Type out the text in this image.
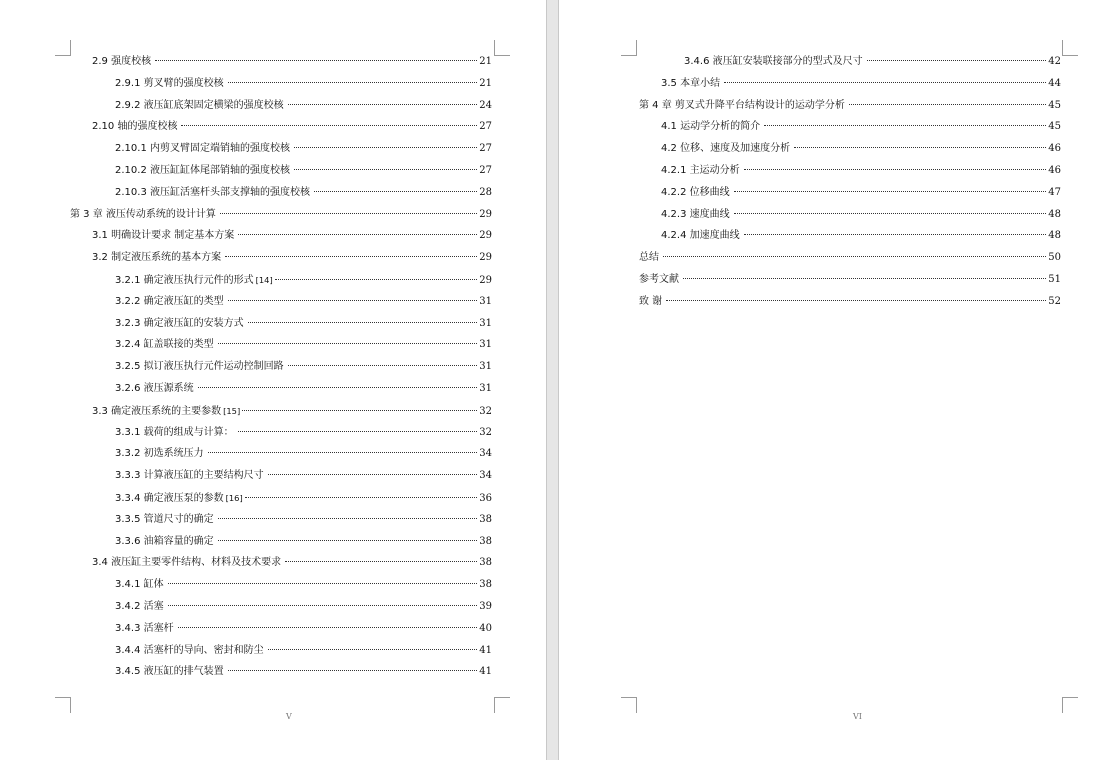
2.9 强度校核	21
2.9.1 剪叉臂的强度校核	21
2.9.2 液压缸底架固定横梁的强度校核	24
2.10 轴的强度校核	27
2.10.1 内剪叉臂固定端销轴的强度校核	27
2.10.2 液压缸缸体尾部销轴的强度校核	27
2.10.3 液压缸活塞杆头部支撑轴的强度校核	28
第 3 章 液压传动系统的设计计算	29
3.1 明确设计要求 制定基本方案	29
3.2 制定液压系统的基本方案	29
3.2.1 确定液压执行元件的形式 [14]	29
3.2.2 确定液压缸的类型	31
3.2.3 确定液压缸的安装方式	31
3.2.4 缸盖联接的类型	31
3.2.5 拟订液压执行元件运动控制回路	31
3.2.6 液压源系统	31
3.3 确定液压系统的主要参数 [15]	32
3.3.1 载荷的组成与计算：	32
3.3.2 初选系统压力	34
3.3.3 计算液压缸的主要结构尺寸	34
3.3.4 确定液压泵的参数 [16]	36
3.3.5 管道尺寸的确定	38
3.3.6 油箱容量的确定	38
3.4 液压缸主要零件结构、材料及技术要求	38
3.4.1 缸体	38
3.4.2 活塞	39
3.4.3 活塞杆	40
3.4.4 活塞杆的导向、密封和防尘	41
3.4.5 液压缸的排气装置	41
V
3.4.6 液压缸安装联接部分的型式及尺寸	42
3.5 本章小结	44
第 4 章 剪叉式升降平台结构设计的运动学分析	45
4.1 运动学分析的简介	45
4.2 位移、速度及加速度分析	46
4.2.1 主运动分析	46
4.2.2 位移曲线	47
4.2.3 速度曲线	48
4.2.4 加速度曲线	48
总结	50
参考文献	51
致 谢	52
VI
